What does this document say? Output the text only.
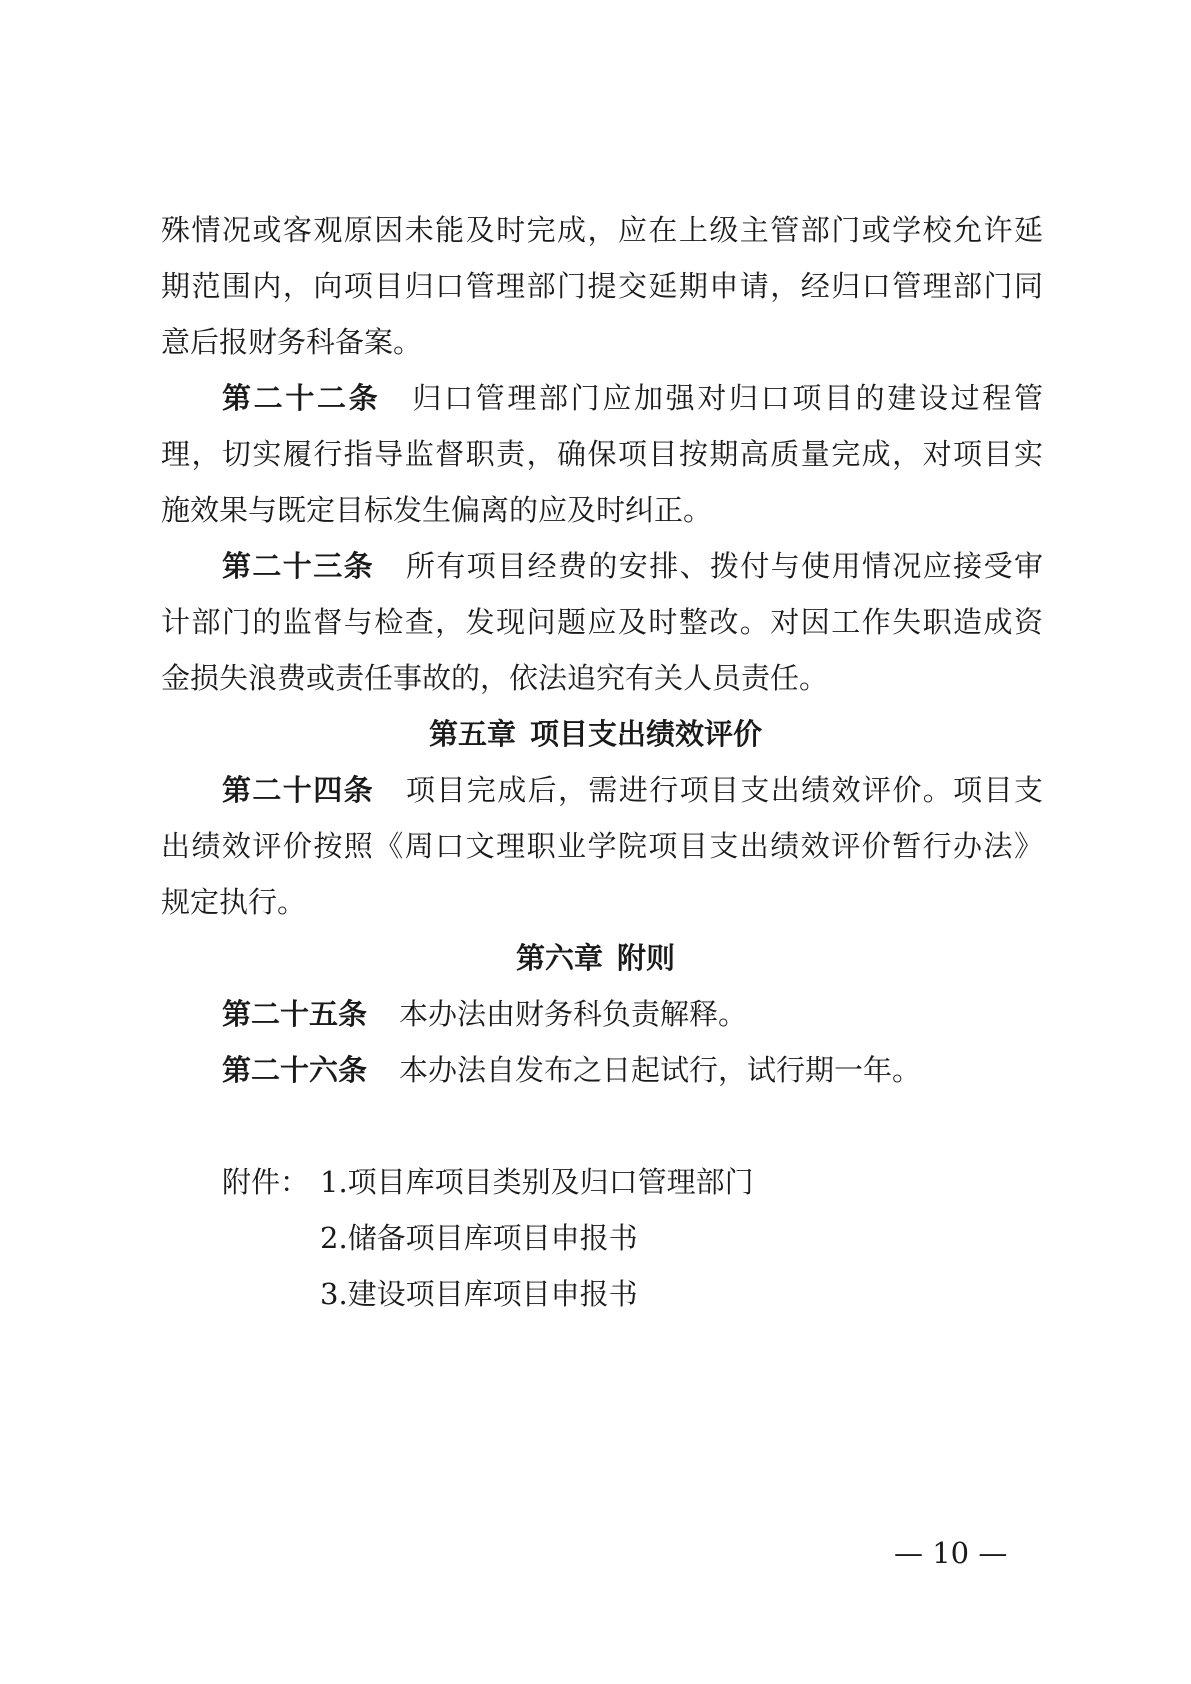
殊情况或客观原因未能及时完成，应在上级主管部门或学校允许延
期范围内，向项目归口管理部门提交延期申请，经归口管理部门同
意后报财务科备案。
第二十二条 归口管理部门应加强对归口项目的建设过程管
理，切实履行指导监督职责，确保项目按期高质量完成，对项目实
施效果与既定目标发生偏离的应及时纠正。
第二十三条 所有项目经费的安排、拨付与使用情况应接受审
计部门的监督与检查，发现问题应及时整改。对因工作失职造成资
金损失浪费或责任事故的，依法追究有关人员责任。
第五章 项目支出绩效评价
第二十四条 项目完成后，需进行项目支出绩效评价。项目支
出绩效评价按照《周口文理职业学院项目支出绩效评价暂行办法》
规定执行。
第六章 附则
第二十五条 本办法由财务科负责解释。
第二十六条 本办法自发布之日起试行，试行期一年。
附件： 1.项目库项目类别及归口管理部门
2.储备项目库项目申报书
3.建设项目库项目申报书
— 10 —
